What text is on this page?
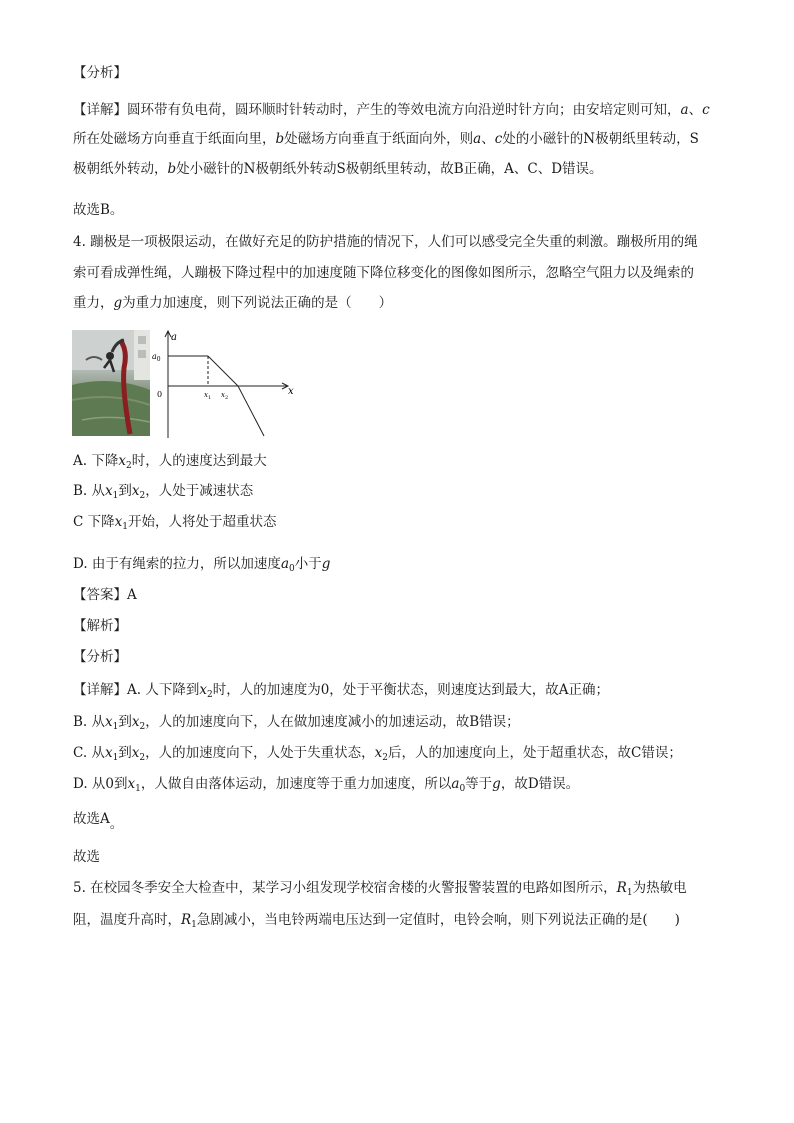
【分析】
【详解】圆环带有负电荷，圆环顺时针转动时，产生的等效电流方向沿逆时针方向；由安培定则可知，a、c
所在处磁场方向垂直于纸面向里，b处磁场方向垂直于纸面向外，则a、c处的小磁针的N极朝纸里转动，S
极朝纸外转动，b处小磁针的N极朝纸外转动S极朝纸里转动，故B正确，A、C、D错误。
故选B。
4. 蹦极是一项极限运动，在做好充足的防护措施的情况下，人们可以感受完全失重的刺激。蹦极所用的绳
索可看成弹性绳，人蹦极下降过程中的加速度随下降位移变化的图像如图所示，忽略空气阻力以及绳索的
重力，g为重力加速度，则下列说法正确的是（　　）
a
$a_0$
0	x
$x_1$ $x_2$
A. 下降$x_2$时，人的速度达到最大
B. 从$x_1$到$x_2$，人处于减速状态
C 下降$x_1$开始，人将处于超重状态
D. 由于有绳索的拉力，所以加速度$a_0$小于g
【答案】A
【解析】
【分析】
【详解】A. 人下降到$x_2$时，人的加速度为0，处于平衡状态，则速度达到最大，故A正确；
B. 从$x_1$到$x_2$，人的加速度向下，人在做加速度减小的加速运动，故B错误；
C. 从$x_1$到$x_2$，人的加速度向下，人处于失重状态，$x_2$后，人的加速度向上，处于超重状态，故C错误；
D. 从0到$x_1$，人做自由落体运动，加速度等于重力加速度，所以$a_0$等于g，故D错误。
故选A。
故选
5. 在校园冬季安全大检查中，某学习小组发现学校宿舍楼的火警报警装置的电路如图所示，$R_1$为热敏电
阻，温度升高时，$R_1$急剧减小，当电铃两端电压达到一定值时，电铃会响，则下列说法正确的是(　　)
